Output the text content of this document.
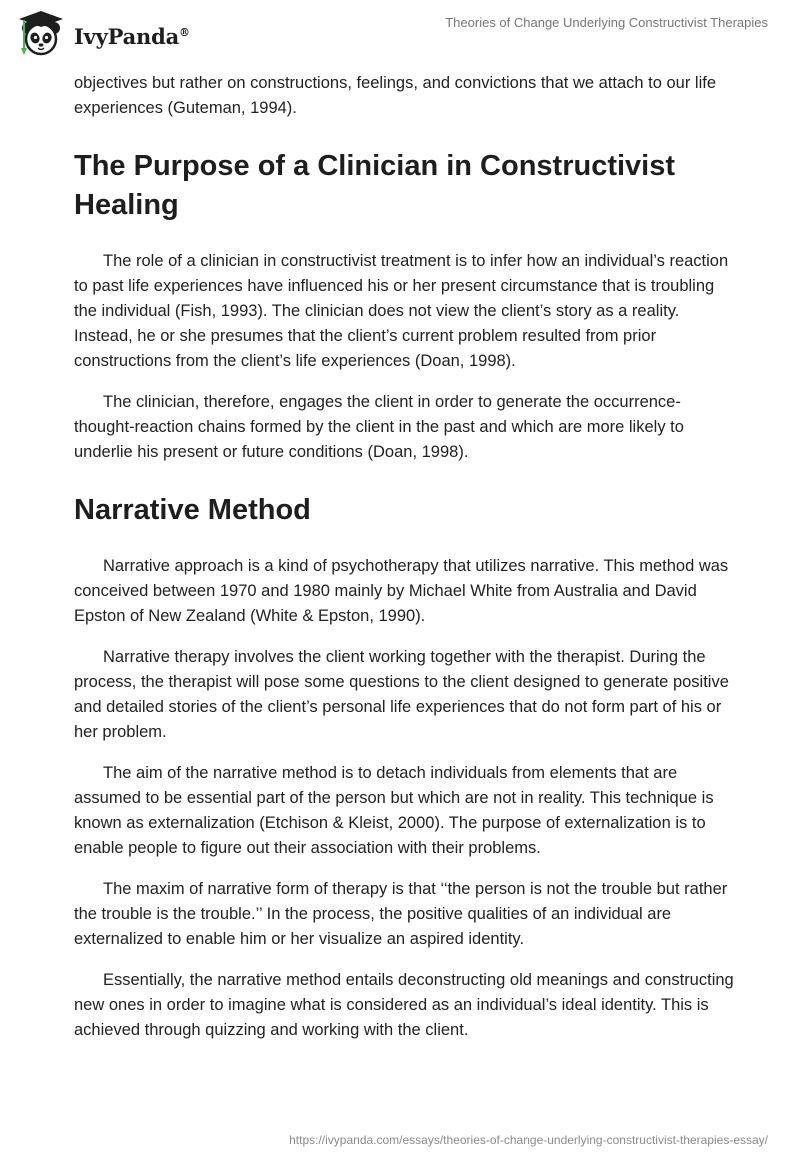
IvyPanda®
Theories of Change Underlying Constructivist Therapies

objectives but rather on constructions, feelings, and convictions that we attach to our life experiences (Guteman, 1994).

The Purpose of a Clinician in Constructivist Healing

The role of a clinician in constructivist treatment is to infer how an individual’s reaction to past life experiences have influenced his or her present circumstance that is troubling the individual (Fish, 1993). The clinician does not view the client’s story as a reality. Instead, he or she presumes that the client’s current problem resulted from prior constructions from the client’s life experiences (Doan, 1998).

The clinician, therefore, engages the client in order to generate the occurrence-thought-reaction chains formed by the client in the past and which are more likely to underlie his present or future conditions (Doan, 1998).

Narrative Method

Narrative approach is a kind of psychotherapy that utilizes narrative. This method was conceived between 1970 and 1980 mainly by Michael White from Australia and David Epston of New Zealand (White & Epston, 1990).

Narrative therapy involves the client working together with the therapist. During the process, the therapist will pose some questions to the client designed to generate positive and detailed stories of the client’s personal life experiences that do not form part of his or her problem.

The aim of the narrative method is to detach individuals from elements that are assumed to be essential part of the person but which are not in reality. This technique is known as externalization (Etchison & Kleist, 2000). The purpose of externalization is to enable people to figure out their association with their problems.

The maxim of narrative form of therapy is that ‘‘the person is not the trouble but rather the trouble is the trouble.’’ In the process, the positive qualities of an individual are externalized to enable him or her visualize an aspired identity.

Essentially, the narrative method entails deconstructing old meanings and constructing new ones in order to imagine what is considered as an individual’s ideal identity. This is achieved through quizzing and working with the client.

https://ivypanda.com/essays/theories-of-change-underlying-constructivist-therapies-essay/
